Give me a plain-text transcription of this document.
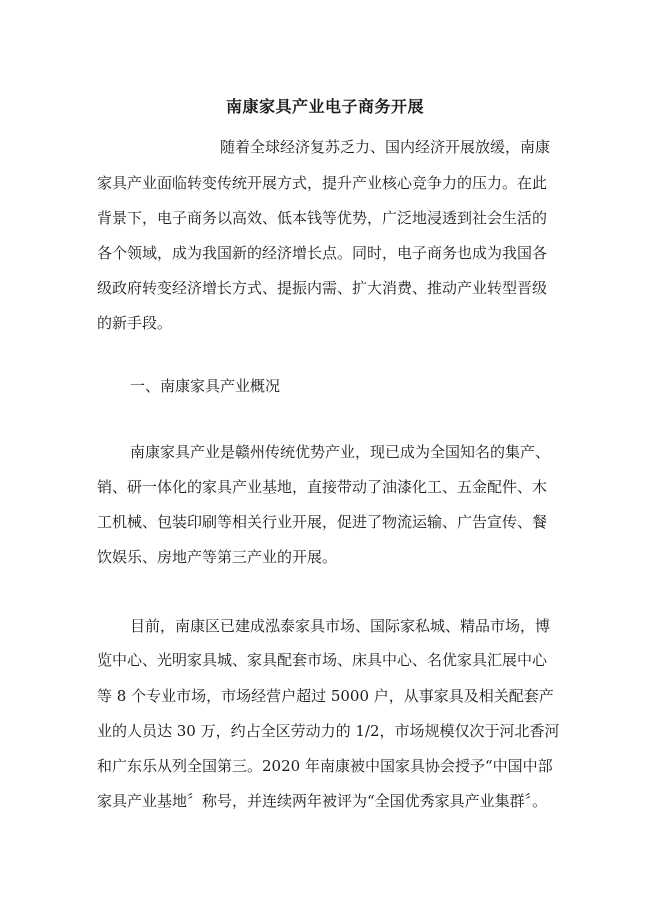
南康家具产业电子商务开展
随着全球经济复苏乏力、国内经济开展放缓，南康
家具产业面临转变传统开展方式，提升产业核心竞争力的压力。在此
背景下，电子商务以高效、低本钱等优势，广泛地浸透到社会生活的
各个领域，成为我国新的经济增长点。同时，电子商务也成为我国各
级政府转变经济增长方式、提振内需、扩大消费、推动产业转型晋级
的新手段。
一、南康家具产业概况
南康家具产业是赣州传统优势产业，现已成为全国知名的集产、
销、研一体化的家具产业基地，直接带动了油漆化工、五金配件、木
工机械、包装印刷等相关行业开展，促进了物流运输、广告宣传、餐
饮娱乐、房地产等第三产业的开展。
目前，南康区已建成泓泰家具市场、国际家私城、精品市场，博
览中心、光明家具城、家具配套市场、床具中心、名优家具汇展中心
等 8 个专业市场，市场经营户超过 5000 户，从事家具及相关配套产
业的人员达 30 万，约占全区劳动力的 1/2，市场规模仅次于河北香河
和广东乐从列全国第三。2020 年南康被中国家具协会授予“中国中部
家具产业基地〞称号，并连续两年被评为“全国优秀家具产业集群〞。
